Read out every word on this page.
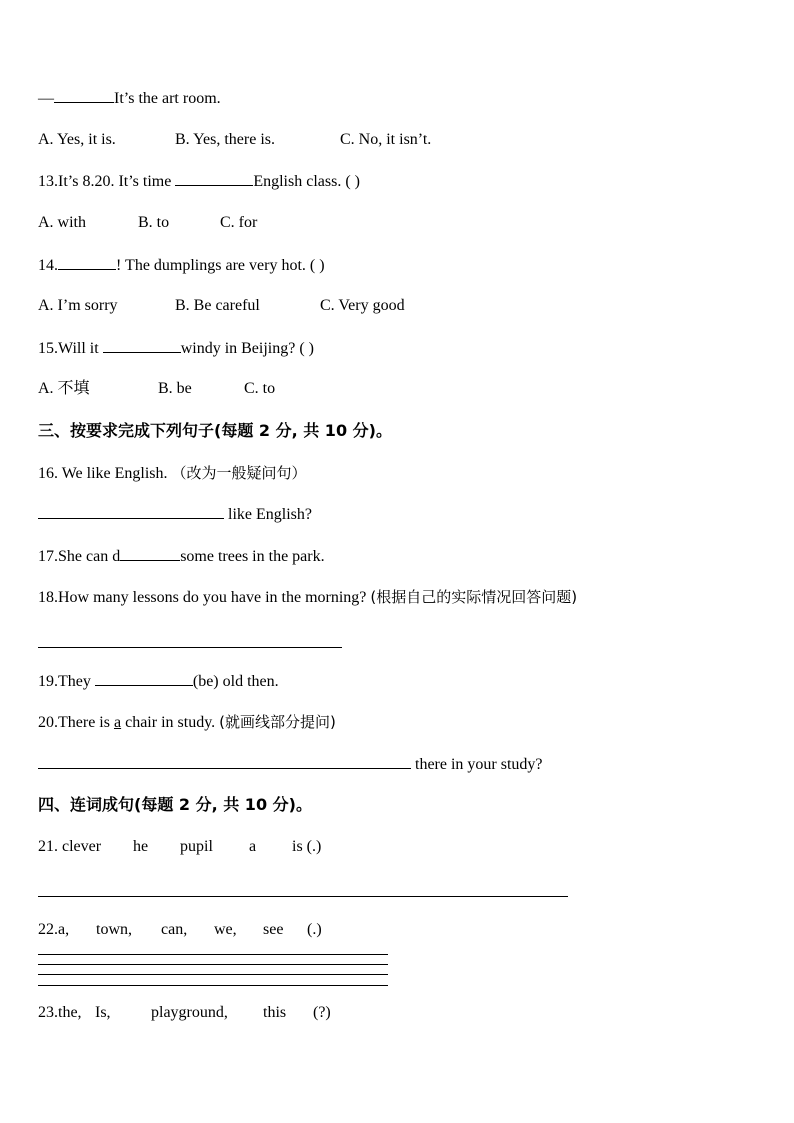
—	It’s the art room.
A. Yes, it is.	B. Yes, there is.	C. No, it isn’t.
13.It’s 8.20. It’s time	English class. ( )
A. with	B. to	C. for
14.	! The dumplings are very hot. ( )
A. I’m sorry	B. Be careful	C. Very good
15.Will it	windy in Beijing? ( )
A. 不填	B. be	C. to
三、按要求完成下列句子(每题 2 分, 共 10 分)。
16. We like English. （改为一般疑问句）
like English?
17.She can d	some trees in the park.
18.How many lessons do you have in the morning? (根据自己的实际情况回答问题)
19.They	(be) old then.
20.There is a chair in study. (就画线部分提问)
there in your study?
四、连词成句(每题 2 分, 共 10 分)。
21. clever he pupil a is (.)
22.a, town, can, we, see (.)
23.the, Is,	playground, this (?)
